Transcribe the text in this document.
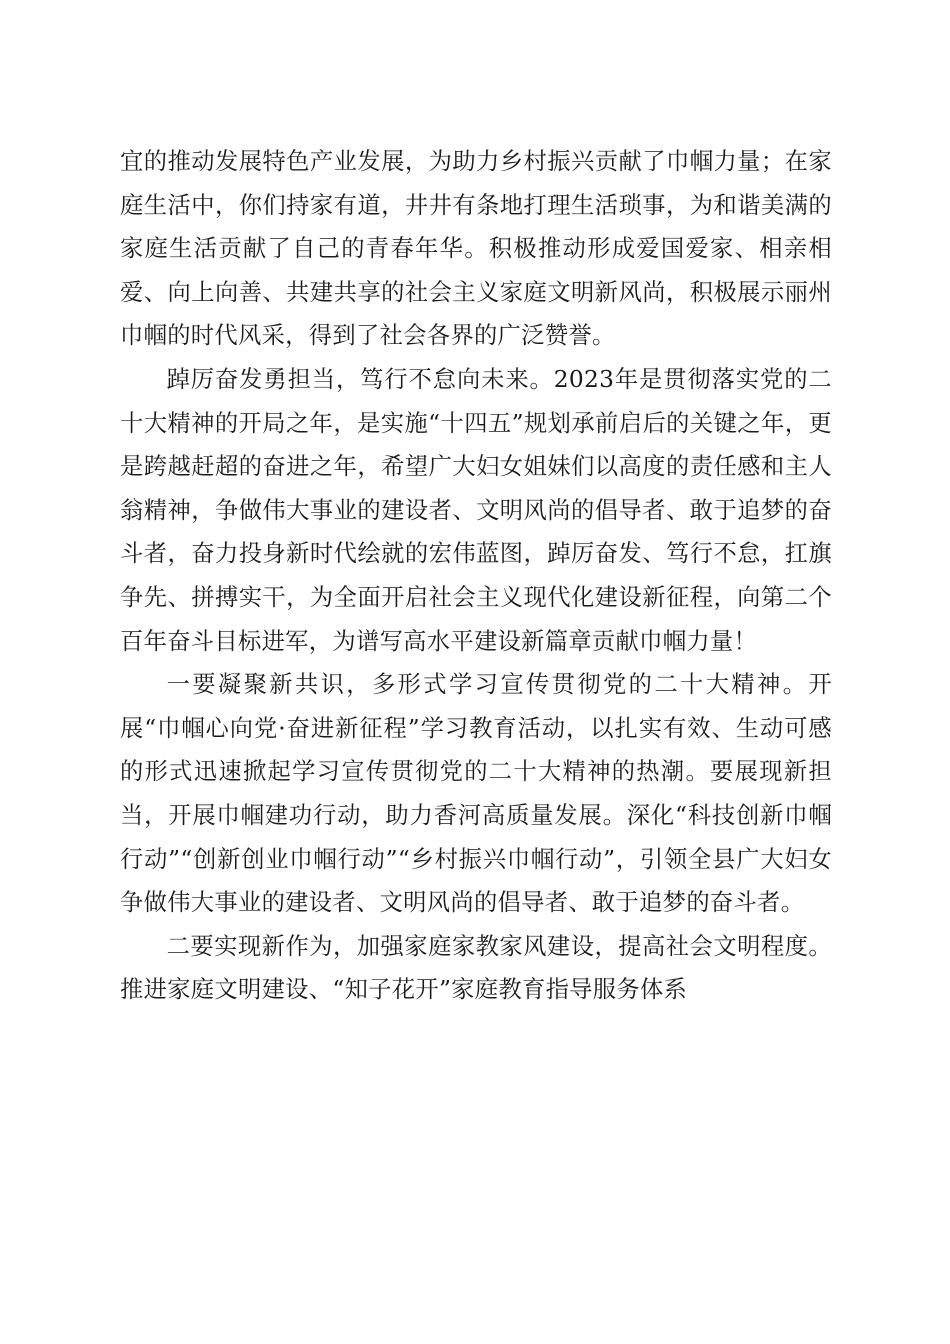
宜的推动发展特色产业发展，为助力乡村振兴贡献了巾帼力量；在家庭生活中，你们持家有道，井井有条地打理生活琐事，为和谐美满的家庭生活贡献了自己的青春年华。积极推动形成爱国爱家、相亲相爱、向上向善、共建共享的社会主义家庭文明新风尚，积极展示丽州巾帼的时代风采，得到了社会各界的广泛赞誉。

踔厉奋发勇担当，笃行不怠向未来。2023年是贯彻落实党的二十大精神的开局之年，是实施“十四五”规划承前启后的关键之年，更是跨越赶超的奋进之年，希望广大妇女姐妹们以高度的责任感和主人翁精神，争做伟大事业的建设者、文明风尚的倡导者、敢于追梦的奋斗者，奋力投身新时代绘就的宏伟蓝图，踔厉奋发、笃行不怠，扛旗争先、拼搏实干，为全面开启社会主义现代化建设新征程，向第二个百年奋斗目标进军，为谱写高水平建设新篇章贡献巾帼力量！

一要凝聚新共识，多形式学习宣传贯彻党的二十大精神。开展“巾帼心向党·奋进新征程”学习教育活动，以扎实有效、生动可感的形式迅速掀起学习宣传贯彻党的二十大精神的热潮。要展现新担当，开展巾帼建功行动，助力香河高质量发展。深化“科技创新巾帼行动”“创新创业巾帼行动”“乡村振兴巾帼行动”，引领全县广大妇女争做伟大事业的建设者、文明风尚的倡导者、敢于追梦的奋斗者。

二要实现新作为，加强家庭家教家风建设，提高社会文明程度。推进家庭文明建设、“知子花开”家庭教育指导服务体系
